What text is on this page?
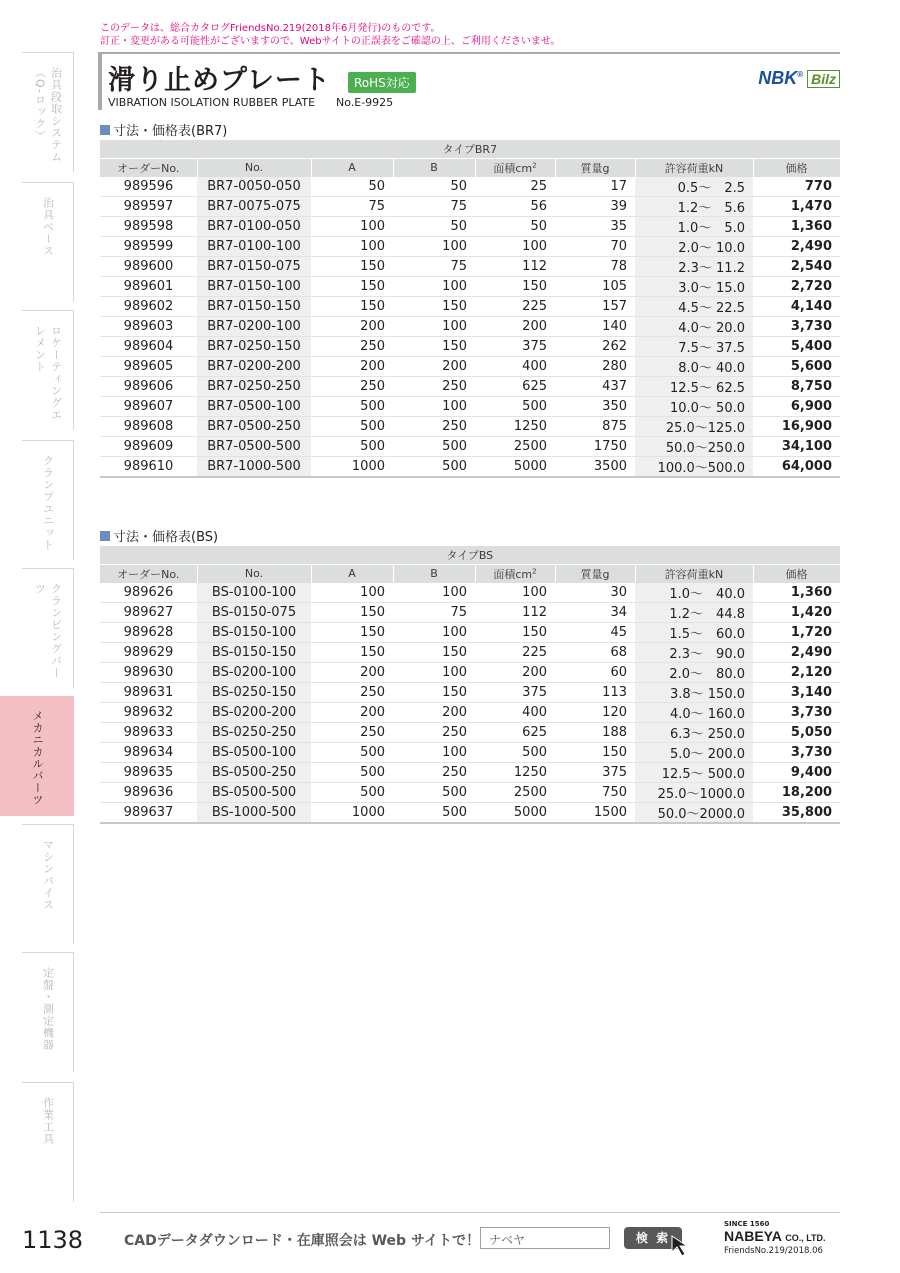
このデータは、総合カタログFriendsNo.219(2018年6月発行)のものです。
訂正・変更がある可能性がございますので、Webサイトの正誤表をご確認の上、ご利用くださいませ。
滑り止めプレート	RoHS対応
VIBRATION ISOLATION RUBBER PLATE No.E-9925
NBK® Bilz
寸法・価格表(BR7)
タイプBR7							
オーダーNo.	No.	A	B	面積$cm^2$	質量g	許容荷重kN	価格
989596	BR7-0050-050	50	50	25	17	0.5～　2.5	770
989597	BR7-0075-075	75	75	56	39	1.2～　5.6	1,470
989598	BR7-0100-050	100	50	50	35	1.0～　5.0	1,360
989599	BR7-0100-100	100	100	100	70	2.0～ 10.0	2,490
989600	BR7-0150-075	150	75	112	78	2.3～ 11.2	2,540
989601	BR7-0150-100	150	100	150	105	3.0～ 15.0	2,720
989602	BR7-0150-150	150	150	225	157	4.5～ 22.5	4,140
989603	BR7-0200-100	200	100	200	140	4.0～ 20.0	3,730
989604	BR7-0250-150	250	150	375	262	7.5～ 37.5	5,400
989605	BR7-0200-200	200	200	400	280	8.0～ 40.0	5,600
989606	BR7-0250-250	250	250	625	437	12.5～ 62.5	8,750
989607	BR7-0500-100	500	100	500	350	10.0～ 50.0	6,900
989608	BR7-0500-250	500	250	1250	875	25.0～125.0	16,900
989609	BR7-0500-500	500	500	2500	1750	50.0～250.0	34,100
989610	BR7-1000-500	1000	500	5000	3500	100.0～500.0	64,000
寸法・価格表(BS)
タイプBS							
オーダーNo.	No.	A	B	面積$cm^2$	質量g	許容荷重kN	価格
989626	BS-0100-100	100	100	100	30	1.0～　40.0	1,360
989627	BS-0150-075	150	75	112	34	1.2～　44.8	1,420
989628	BS-0150-100	150	100	150	45	1.5～　60.0	1,720
989629	BS-0150-150	150	150	225	68	2.3～　90.0	2,490
989630	BS-0200-100	200	100	200	60	2.0～　80.0	2,120
989631	BS-0250-150	250	150	375	113	3.8～ 150.0	3,140
989632	BS-0200-200	200	200	400	120	4.0～ 160.0	3,730
989633	BS-0250-250	250	250	625	188	6.3～ 250.0	5,050
989634	BS-0500-100	500	100	500	150	5.0～ 200.0	3,730
989635	BS-0500-250	500	250	1250	375	12.5～ 500.0	9,400
989636	BS-0500-500	500	500	2500	750	25.0～1000.0	18,200
989637	BS-1000-500	1000	500	5000	1500	50.0～2000.0	35,800
治具段取システム（Q-ロック）
治具ベース
ロケーティングエレメント
クランプユニット
クランピングパーツ
メカニカルパーツ
マシンバイス
定盤・測定機器
作業工具
1138	CADデータダウンロード・在庫照会は Web サイトで！ ナベヤ	検 索
SINCE 1560
NABEYA CO., LTD.
FriendsNo.219/2018.06
